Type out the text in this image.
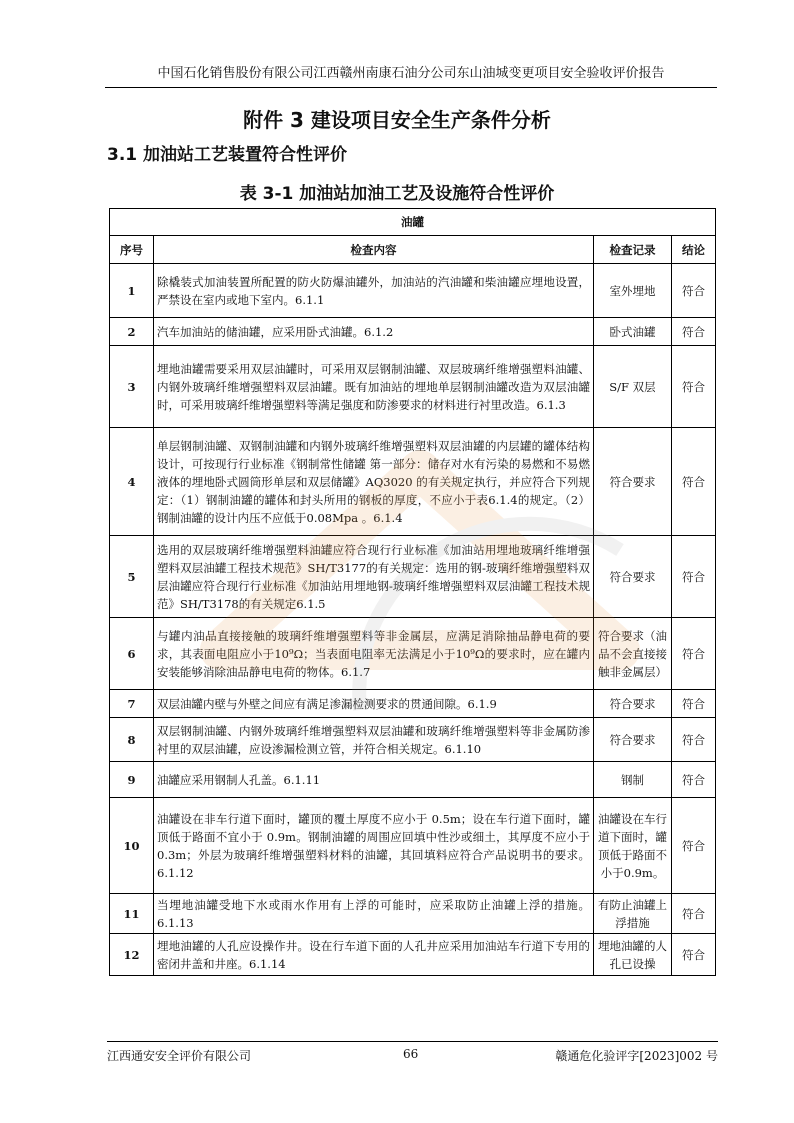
中国石化销售股份有限公司江西赣州南康石油分公司东山油城变更项目安全验收评价报告
附件 3 建设项目安全生产条件分析
3.1 加油站工艺装置符合性评价
表 3-1 加油站加油工艺及设施符合性评价
油罐			
序号	检查内容	检查记录	结论
1	除橇装式加油装置所配置的防火防爆油罐外，加油站的汽油罐和柴油罐应埋地设置，严禁设在室内或地下室内。6.1.1	室外埋地	符合
2	汽车加油站的储油罐，应采用卧式油罐。6.1.2	卧式油罐	符合
3	埋地油罐需要采用双层油罐时，可采用双层钢制油罐、双层玻璃纤维增强塑料油罐、内钢外玻璃纤维增强塑料双层油罐。既有加油站的埋地单层钢制油罐改造为双层油罐时，可采用玻璃纤维增强塑料等满足强度和防渗要求的材料进行衬里改造。6.1.3	S/F 双层	符合
4	单层钢制油罐、双钢制油罐和内钢外玻璃纤维增强塑料双层油罐的内层罐的罐体结构设计，可按现行行业标准《钢制常性储罐 第一部分：储存对水有污染的易燃和不易燃液体的埋地卧式圆筒形单层和双层储罐》AQ3020 的有关规定执行，并应符合下列规定：（1）钢制油罐的罐体和封头所用的钢板的厚度，不应小于表6.1.4的规定。（2）钢制油罐的设计内压不应低于0.08Mpa 。6.1.4	符合要求	符合
5	选用的双层玻璃纤维增强塑料油罐应符合现行行业标准《加油站用埋地玻璃纤维增强塑料双层油罐工程技术规范》SH/T3177的有关规定：选用的钢-玻璃纤维增强塑料双层油罐应符合现行行业标准《加油站用埋地钢-玻璃纤维增强塑料双层油罐工程技术规范》SH/T3178的有关规定6.1.5	符合要求	符合
6	与罐内油品直接接触的玻璃纤维增强塑料等非金属层，应满足消除抽品静电荷的要求，其表面电阻应小于10⁹Ω；当表面电阻率无法满足小于10⁹Ω的要求时，应在罐内安装能够消除油品静电电荷的物体。6.1.7	符合要求（油品不会直接接触非金属层）	符合
7	双层油罐内壁与外壁之间应有满足渗漏检测要求的贯通间隙。6.1.9	符合要求	符合
8	双层钢制油罐、内钢外玻璃纤维增强塑料双层油罐和玻璃纤维增强塑料等非金属防渗衬里的双层油罐，应设渗漏检测立管，并符合相关规定。6.1.10	符合要求	符合
9	油罐应采用钢制人孔盖。6.1.11	钢制	符合
10	油罐设在非车行道下面时，罐顶的覆土厚度不应小于 0.5m；设在车行道下面时，罐顶低于路面不宜小于 0.9m。钢制油罐的周围应回填中性沙或细土，其厚度不应小于 0.3m；外层为玻璃纤维增强塑料材料的油罐，其回填料应符合产品说明书的要求。6.1.12	油罐设在车行道下面时，罐顶低于路面不小于0.9m。	符合
11	当埋地油罐受地下水或雨水作用有上浮的可能时，应采取防止油罐上浮的措施。6.1.13	有防止油罐上浮措施	符合
12	埋地油罐的人孔应设操作井。设在行车道下面的人孔井应采用加油站车行道下专用的密闭井盖和井座。6.1.14	埋地油罐的人孔已设操	符合
江西通安安全评价有限公司	66	赣通危化验评字[2023]002 号
